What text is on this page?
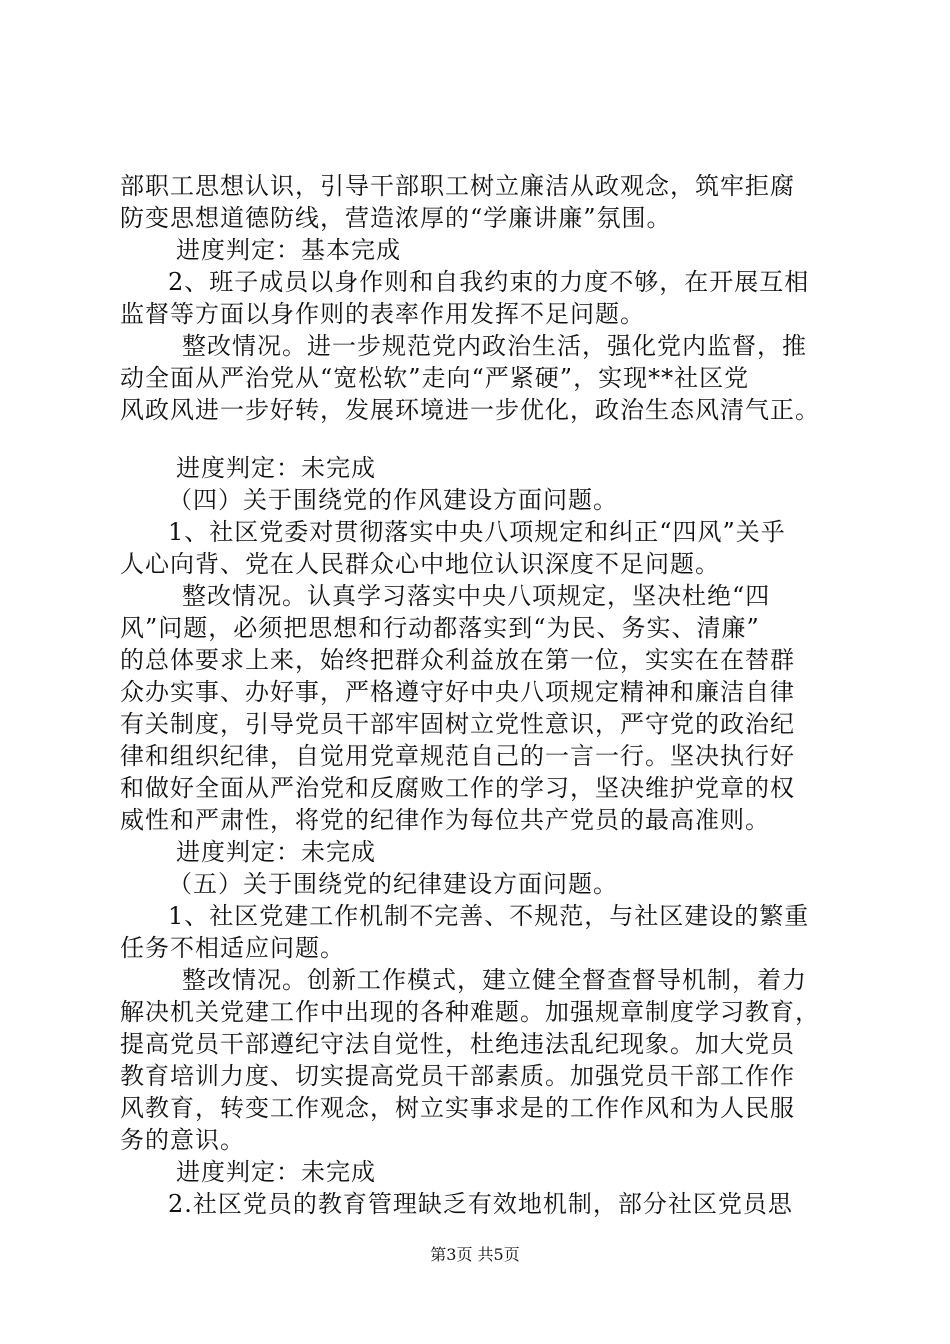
部职工思想认识，引导干部职工树立廉洁从政观念，筑牢拒腐
防变思想道德防线，营造浓厚的“学廉讲廉”氛围。
进度判定：基本完成
2、班子成员以身作则和自我约束的力度不够，在开展互相
监督等方面以身作则的表率作用发挥不足问题。
整改情况。进一步规范党内政治生活，强化党内监督，推
动全面从严治党从“宽松软”走向“严紧硬”，实现**社区党
风政风进一步好转，发展环境进一步优化，政治生态风清气正。
进度判定：未完成
（四）关于围绕党的作风建设方面问题。
1、社区党委对贯彻落实中央八项规定和纠正“四风”关乎
人心向背、党在人民群众心中地位认识深度不足问题。
整改情况。认真学习落实中央八项规定，坚决杜绝“四
风”问题，必须把思想和行动都落实到“为民、务实、清廉”
的总体要求上来，始终把群众利益放在第一位，实实在在替群
众办实事、办好事，严格遵守好中央八项规定精神和廉洁自律
有关制度，引导党员干部牢固树立党性意识，严守党的政治纪
律和组织纪律，自觉用党章规范自己的一言一行。坚决执行好
和做好全面从严治党和反腐败工作的学习，坚决维护党章的权
威性和严肃性，将党的纪律作为每位共产党员的最高准则。
进度判定：未完成
（五）关于围绕党的纪律建设方面问题。
1、社区党建工作机制不完善、不规范，与社区建设的繁重
任务不相适应问题。
整改情况。创新工作模式，建立健全督查督导机制，着力
解决机关党建工作中出现的各种难题。加强规章制度学习教育，
提高党员干部遵纪守法自觉性，杜绝违法乱纪现象。加大党员
教育培训力度、切实提高党员干部素质。加强党员干部工作作
风教育，转变工作观念，树立实事求是的工作作风和为人民服
务的意识。
进度判定：未完成
2.社区党员的教育管理缺乏有效地机制，部分社区党员思
第3页 共5页
